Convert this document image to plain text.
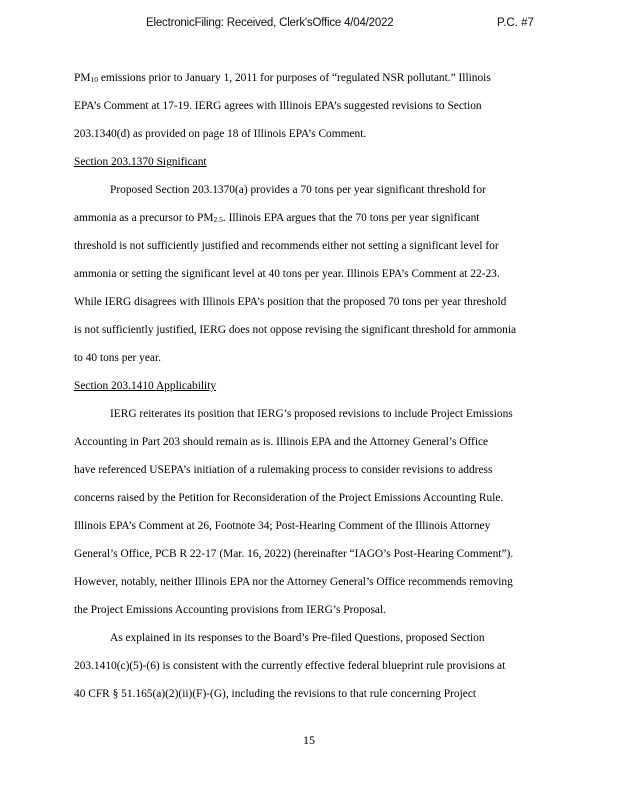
ElectronicFiling: Received, Clerk'sOffice 4/04/2022	P.C. #7
$PM_{10}$ emissions prior to January 1, 2011 for purposes of “regulated NSR pollutant.” Illinois
EPA’s Comment at 17-19. IERG agrees with Illinois EPA’s suggested revisions to Section
203.1340(d) as provided on page 18 of Illinois EPA’s Comment.
Section 203.1370 Significant
Proposed Section 203.1370(a) provides a 70 tons per year significant threshold for
ammonia as a precursor to $PM_{2.5}$. Illinois EPA argues that the 70 tons per year significant
threshold is not sufficiently justified and recommends either not setting a significant level for
ammonia or setting the significant level at 40 tons per year. Illinois EPA’s Comment at 22-23.
While IERG disagrees with Illinois EPA’s position that the proposed 70 tons per year threshold
is not sufficiently justified, IERG does not oppose revising the significant threshold for ammonia
to 40 tons per year.
Section 203.1410 Applicability
IERG reiterates its position that IERG’s proposed revisions to include Project Emissions
Accounting in Part 203 should remain as is. Illinois EPA and the Attorney General’s Office
have referenced USEPA’s initiation of a rulemaking process to consider revisions to address
concerns raised by the Petition for Reconsideration of the Project Emissions Accounting Rule.
Illinois EPA’s Comment at 26, Footnote 34; Post-Hearing Comment of the Illinois Attorney
General’s Office, PCB R 22-17 (Mar. 16, 2022) (hereinafter “IAGO’s Post-Hearing Comment”).
However, notably, neither Illinois EPA nor the Attorney General’s Office recommends removing
the Project Emissions Accounting provisions from IERG’s Proposal.
As explained in its responses to the Board’s Pre-filed Questions, proposed Section
203.1410(c)(5)-(6) is consistent with the currently effective federal blueprint rule provisions at
40 CFR § 51.165(a)(2)(ii)(F)-(G), including the revisions to that rule concerning Project
15
